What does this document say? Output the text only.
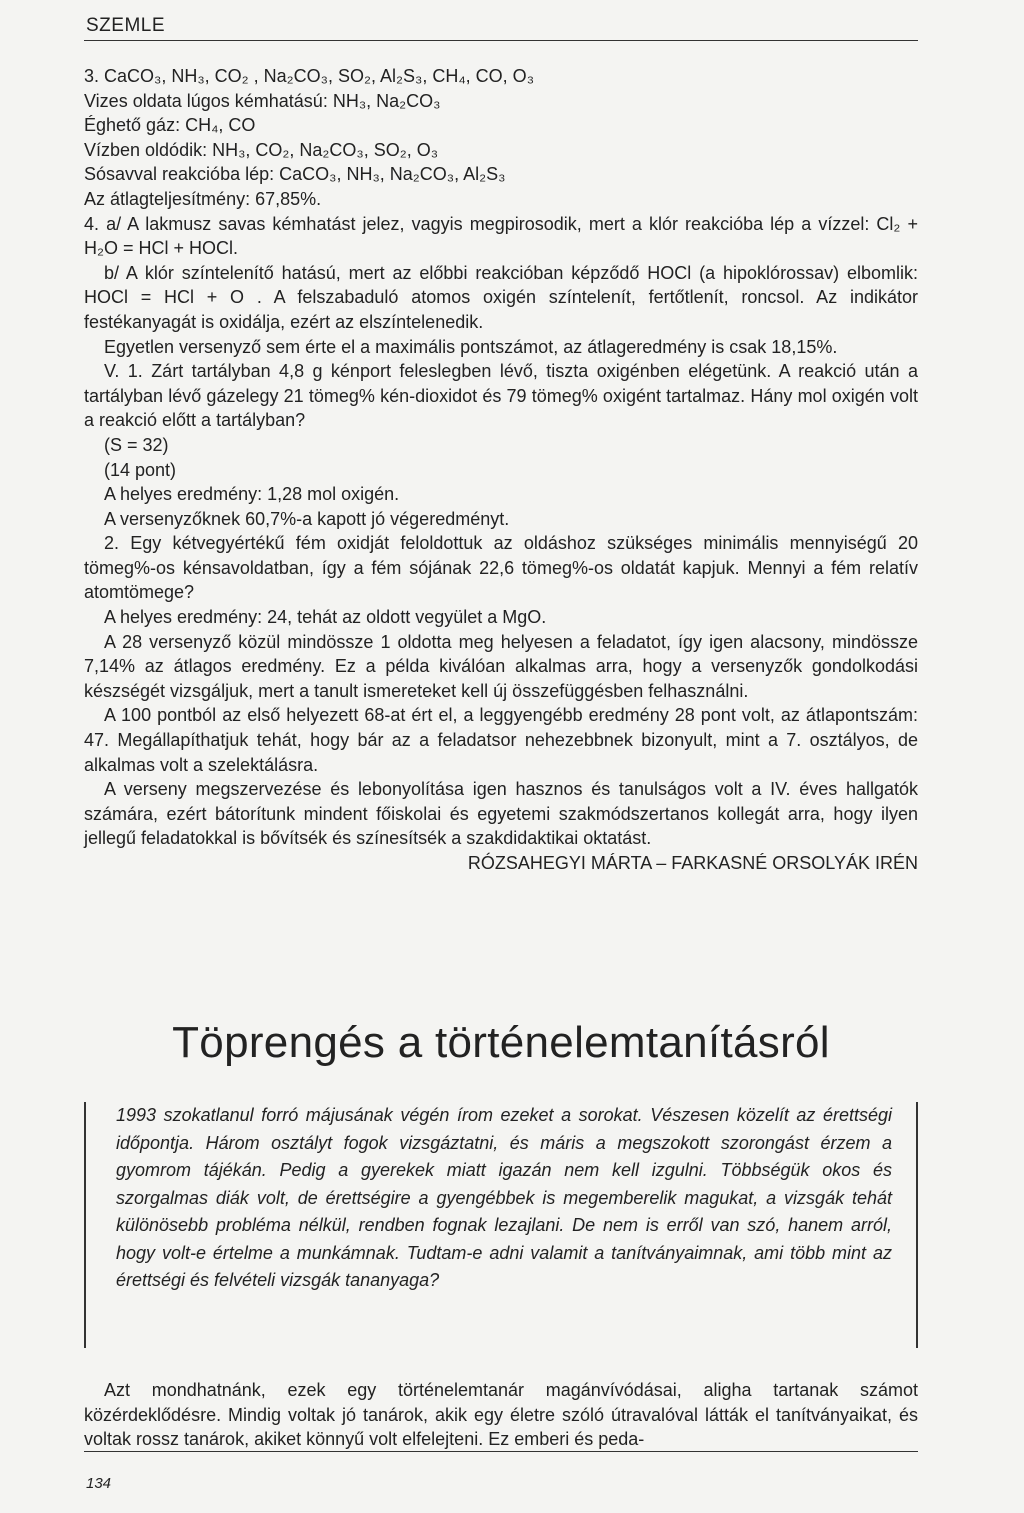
SZEMLE

3. CaCO₃, NH₃, CO₂ , Na₂CO₃, SO₂, Al₂S₃, CH₄, CO, O₃

Vizes oldata lúgos kémhatású: NH₃, Na₂CO₃

Éghető gáz: CH₄, CO

Vízben oldódik: NH₃, CO₂, Na₂CO₃, SO₂, O₃

Sósavval reakcióba lép: CaCO₃, NH₃, Na₂CO₃, Al₂S₃

Az átlagteljesítmény: 67,85%.

4. a/ A lakmusz savas kémhatást jelez, vagyis megpirosodik, mert a klór reakcióba lép a vízzel: Cl₂ + H₂O = HCl + HOCl.

b/ A klór színtelenítő hatású, mert az előbbi reakcióban képződő HOCl (a hipoklórossav) elbomlik: HOCl = HCl + O . A felszabaduló atomos oxigén színtelenít, fertőtlenít, roncsol. Az indikátor festékanyagát is oxidálja, ezért az elszíntelenedik.

Egyetlen versenyző sem érte el a maximális pontszámot, az átlageredmény is csak 18,15%.

V. 1. Zárt tartályban 4,8 g kénport feleslegben lévő, tiszta oxigénben elégetünk. A reakció után a tartályban lévő gázelegy 21 tömeg% kén-dioxidot és 79 tömeg% oxigént tartalmaz. Hány mol oxigén volt a reakció előtt a tartályban?

(S = 32)

(14 pont)

A helyes eredmény: 1,28 mol oxigén.

A versenyzőknek 60,7%-a kapott jó végeredményt.

2. Egy kétvegyértékű fém oxidját feloldottuk az oldáshoz szükséges minimális mennyiségű 20 tömeg%-os kénsavoldatban, így a fém sójának 22,6 tömeg%-os oldatát kapjuk. Mennyi a fém relatív atomtömege?

A helyes eredmény: 24, tehát az oldott vegyület a MgO.

A 28 versenyző közül mindössze 1 oldotta meg helyesen a feladatot, így igen alacsony, mindössze 7,14% az átlagos eredmény. Ez a példa kiválóan alkalmas arra, hogy a versenyzők gondolkodási készségét vizsgáljuk, mert a tanult ismereteket kell új összefüggésben felhasználni.

A 100 pontból az első helyezett 68-at ért el, a leggyengébb eredmény 28 pont volt, az átlapontszám: 47. Megállapíthatjuk tehát, hogy bár az a feladatsor nehezebbnek bizonyult, mint a 7. osztályos, de alkalmas volt a szelektálásra.

A verseny megszervezése és lebonyolítása igen hasznos és tanulságos volt a IV. éves hallgatók számára, ezért bátorítunk mindent főiskolai és egyetemi szakmódszertanos kollegát arra, hogy ilyen jellegű feladatokkal is bővítsék és színesítsék a szakdidaktikai oktatást.

RÓZSAHEGYI MÁRTA – FARKASNÉ ORSOLYÁK IRÉN

Töprengés a történelemtanításról
1993 szokatlanul forró májusának végén írom ezeket a sorokat. Vészesen közelít az érettségi időpontja. Három osztályt fogok vizsgáztatni, és máris a megszokott szorongást érzem a gyomrom tájékán. Pedig a gyerekek miatt igazán nem kell izgulni. Többségük okos és szorgalmas diák volt, de érettségire a gyengébbek is megemberelik magukat, a vizsgák tehát különösebb probléma nélkül, rendben fognak lezajlani. De nem is erről van szó, hanem arról, hogy volt-e értelme a munkámnak. Tudtam-e adni valamit a tanítványaimnak, ami több mint az érettségi és felvételi vizsgák tananyaga?

Azt mondhatnánk, ezek egy történelemtanár magánvívódásai, aligha tartanak számot közérdeklődésre. Mindig voltak jó tanárok, akik egy életre szóló útravalóval látták el tanítványaikat, és voltak rossz tanárok, akiket könnyű volt elfelejteni. Ez emberi és peda-

134
